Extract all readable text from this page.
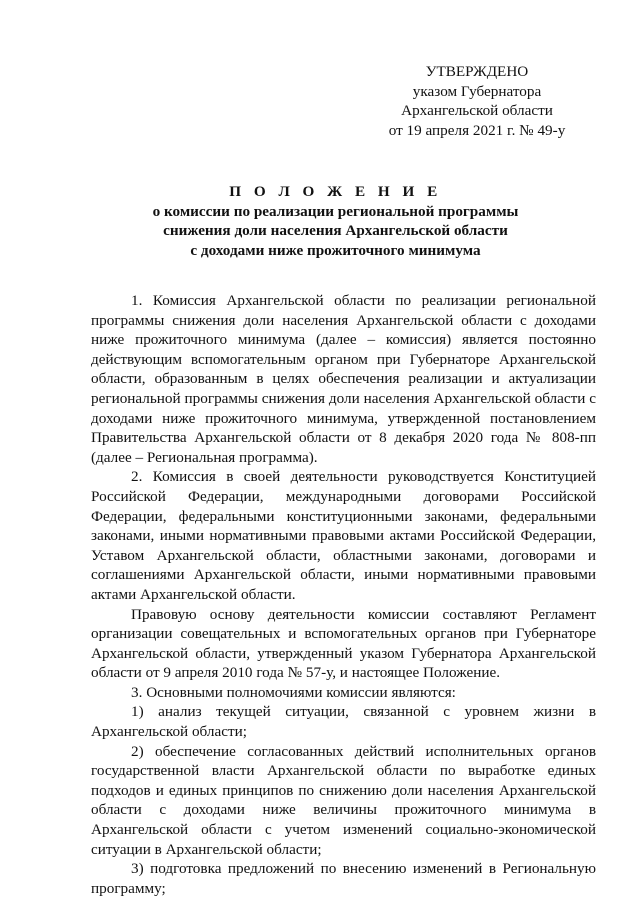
УТВЕРЖДЕНО
указом Губернатора
Архангельской области
от 19 апреля 2021 г. № 49-у
П О Л О Ж Е Н И Е
о комиссии по реализации региональной программы
снижения доли населения Архангельской области
с доходами ниже прожиточного минимума

1. Комиссия Архангельской области по реализации региональной программы снижения доли населения Архангельской области с доходами ниже прожиточного минимума (далее – комиссия) является постоянно действующим вспомогательным органом при Губернаторе Архангельской области, образованным в целях обеспечения реализации и актуализации региональной программы снижения доли населения Архангельской области с доходами ниже прожиточного минимума, утвержденной постановлением Правительства Архангельской области от 8 декабря 2020 года № 808-пп (далее – Региональная программа).

2. Комиссия в своей деятельности руководствуется Конституцией Российской Федерации, международными договорами Российской Федерации, федеральными конституционными законами, федеральными законами, иными нормативными правовыми актами Российской Федерации, Уставом Архангельской области, областными законами, договорами и соглашениями Архангельской области, иными нормативными правовыми актами Архангельской области.

Правовую основу деятельности комиссии составляют Регламент организации совещательных и вспомогательных органов при Губернаторе Архангельской области, утвержденный указом Губернатора Архангельской области от 9 апреля 2010 года № 57-у, и настоящее Положение.

3. Основными полномочиями комиссии являются:

1) анализ текущей ситуации, связанной с уровнем жизни в Архангельской области;

2) обеспечение согласованных действий исполнительных органов государственной власти Архангельской области по выработке единых подходов и единых принципов по снижению доли населения Архангельской области с доходами ниже величины прожиточного минимума в Архангельской области с учетом изменений социально-экономической ситуации в Архангельской области;

3) подготовка предложений по внесению изменений в Региональную программу;
